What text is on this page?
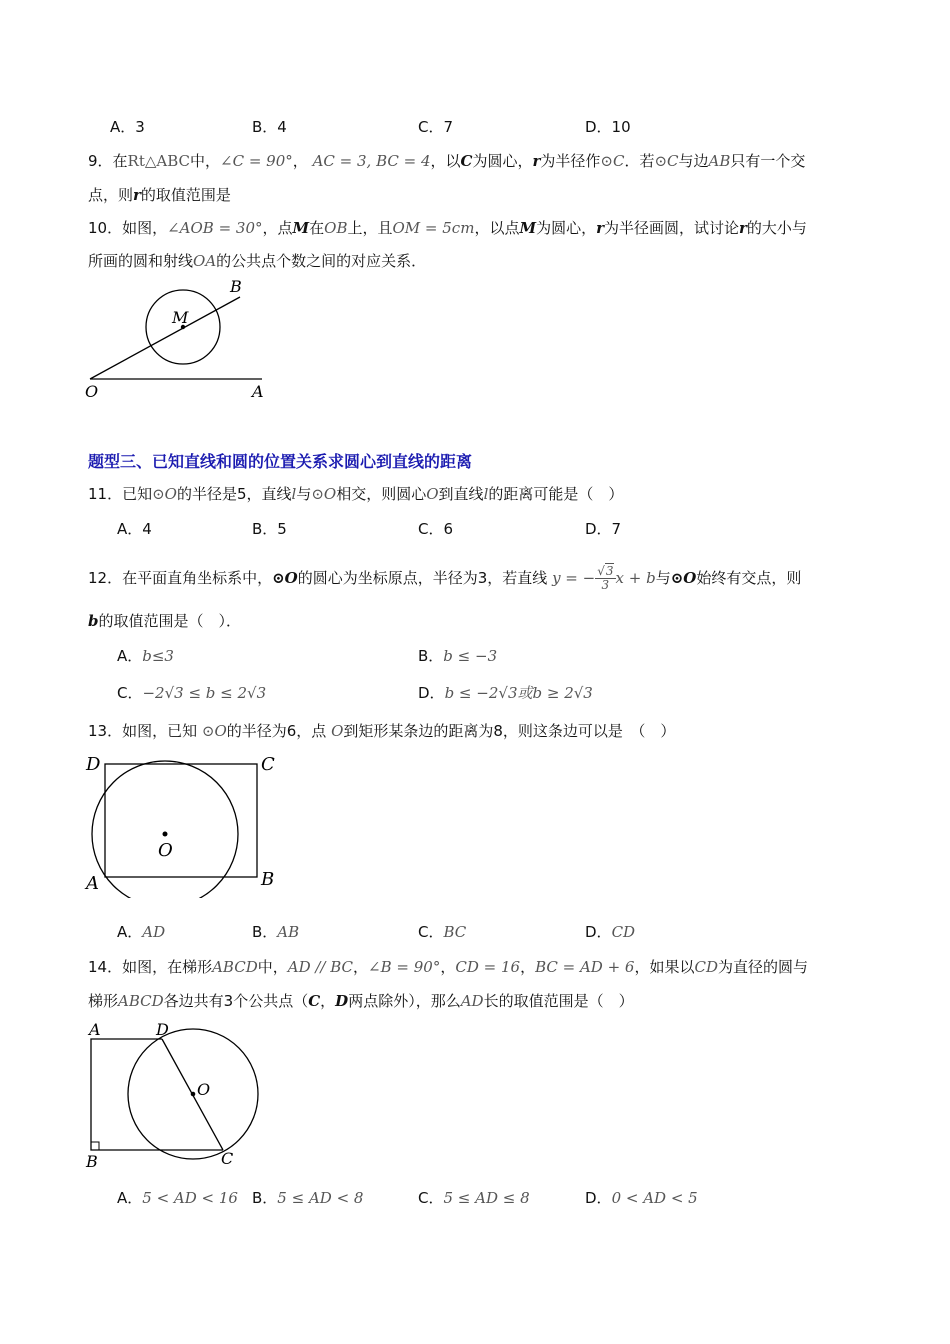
A．3	B．4	C．7	D．10
9．在Rt△ABC中，∠C = 90°， AC = 3, BC = 4，以C为圆心，r为半径作⊙C．若⊙C与边AB只有一个交
点，则r的取值范围是
10．如图，∠AOB = 30°，点M在OB上，且OM = 5cm，以点M为圆心，r为半径画圆，试讨论r的大小与
所画的圆和射线OA的公共点个数之间的对应关系．
B
M
O	A
题型三、已知直线和圆的位置关系求圆心到直线的距离
11．已知⊙O的半径是5，直线l与⊙O相交，则圆心O到直线l的距离可能是（　）
A．4	B．5	C．6	D．7
12．在平面直角坐标系中，⊙O的圆心为坐标原点，半径为3，若直线 y = − $\frac{√3}{3}$ x + b与⊙O始终有交点，则
b的取值范围是（　）．
A．b≤3	B．b ≤ −3
C．−2√3 ≤ b ≤ 2√3	D．b ≤ −2√3或b ≥ 2√3
13．如图，已知 ⊙O的半径为6，点 O到矩形某条边的距离为8，则这条边可以是　（　）
D	C
O
A	B
A．AD	B．AB	C．BC	D．CD
14．如图，在梯形ABCD中，AD // BC，∠B = 90°，CD = 16，BC = AD + 6，如果以CD为直径的圆与
梯形ABCD各边共有3个公共点（C，D两点除外），那么AD长的取值范围是（　）
A	D
O
B	C
A．5 < AD < 16 B．5 ≤ AD < 8	C．5 ≤ AD ≤ 8	D．0 < AD < 5
